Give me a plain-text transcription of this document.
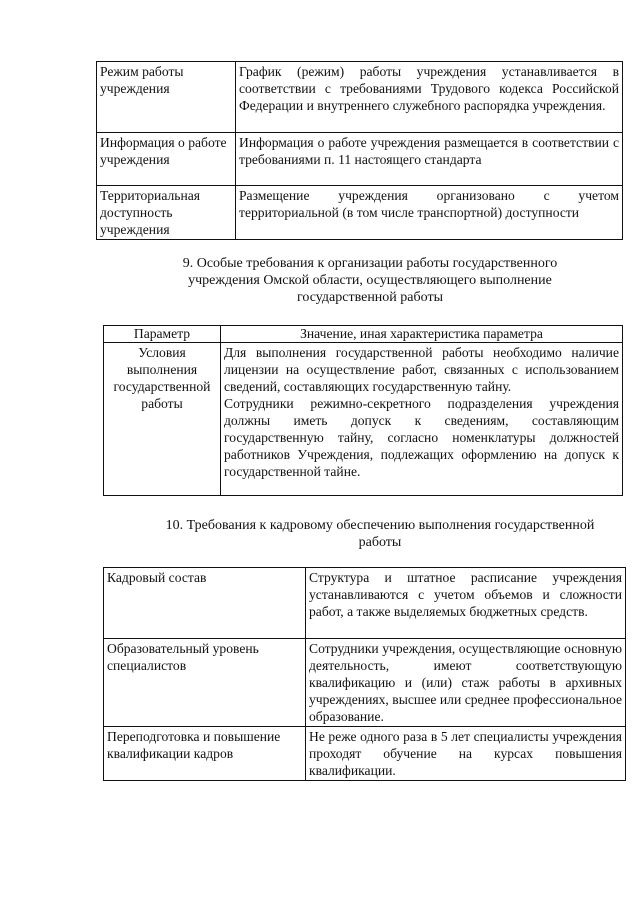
Режим работы учреждения	График (режим) работы учреждения устанавливается в соответствии с требованиями Трудового кодекса Российской Федерации и внутреннего служебного распорядка учреждения.
Информация о работе учреждения	Информация о работе учреждения размещается в соответствии с требованиями п. 11 настоящего стандарта
Территориальная доступность учреждения	Размещение учреждения организовано с учетом территориальной (в том числе транспортной) доступности
9. Особые требования к организации работы государственного учреждения Омской области, осуществляющего выполнение государственной работы
Параметр	Значение, иная характеристика параметра
Условия выполнения государственной работы	Для выполнения государственной работы необходимо наличие лицензии на осуществление работ, связанных с использованием сведений, составляющих государственную тайну.
Сотрудники режимно-секретного подразделения учреждения должны иметь допуск к сведениям, составляющим государственную тайну, согласно номенклатуры должностей работников Учреждения, подлежащих оформлению на допуск к государственной тайне.
10. Требования к кадровому обеспечению выполнения государственной работы
Кадровый состав	Структура и штатное расписание учреждения устанавливаются с учетом объемов и сложности работ, а также выделяемых бюджетных средств.
Образовательный уровень специалистов	Сотрудники учреждения, осуществляющие основную деятельность, имеют соответствующую квалификацию и (или) стаж работы в архивных учреждениях, высшее или среднее профессиональное образование.
Переподготовка и повышение квалификации кадров	Не реже одного раза в 5 лет специалисты учреждения проходят обучение на курсах повышения квалификации.
